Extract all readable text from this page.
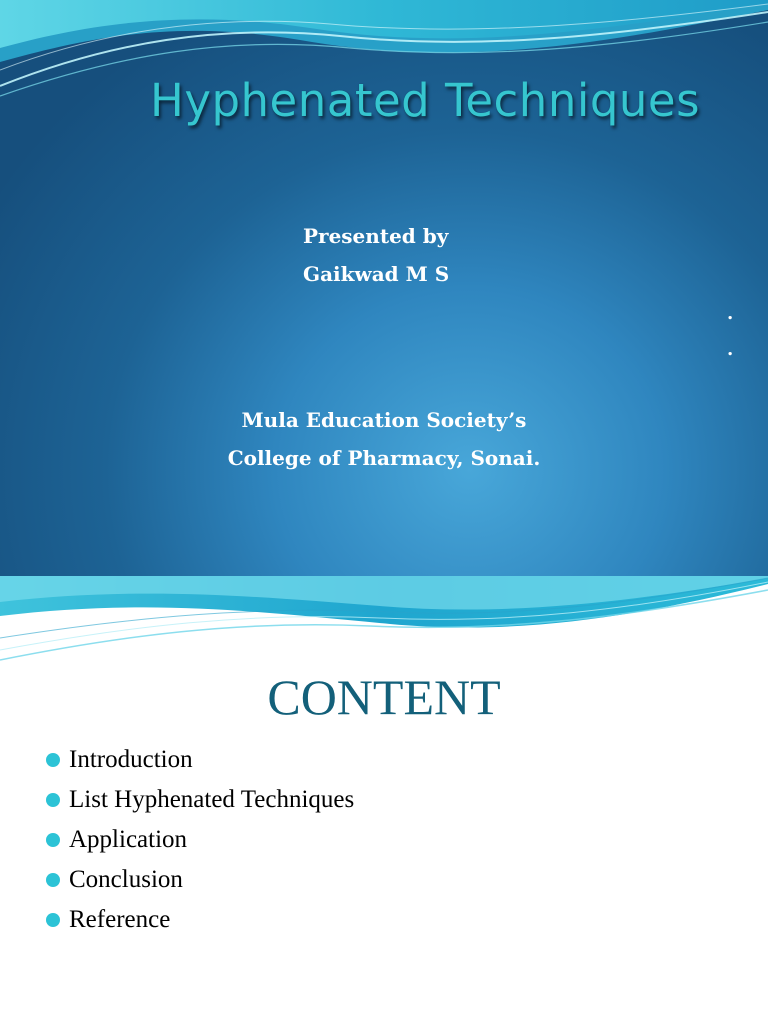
Hyphenated Techniques
Presented by
Gaikwad M S
.
.
Mula Education Society’s
College of Pharmacy, Sonai.
CONTENT
Introduction
List Hyphenated Techniques
Application
Conclusion
Reference
